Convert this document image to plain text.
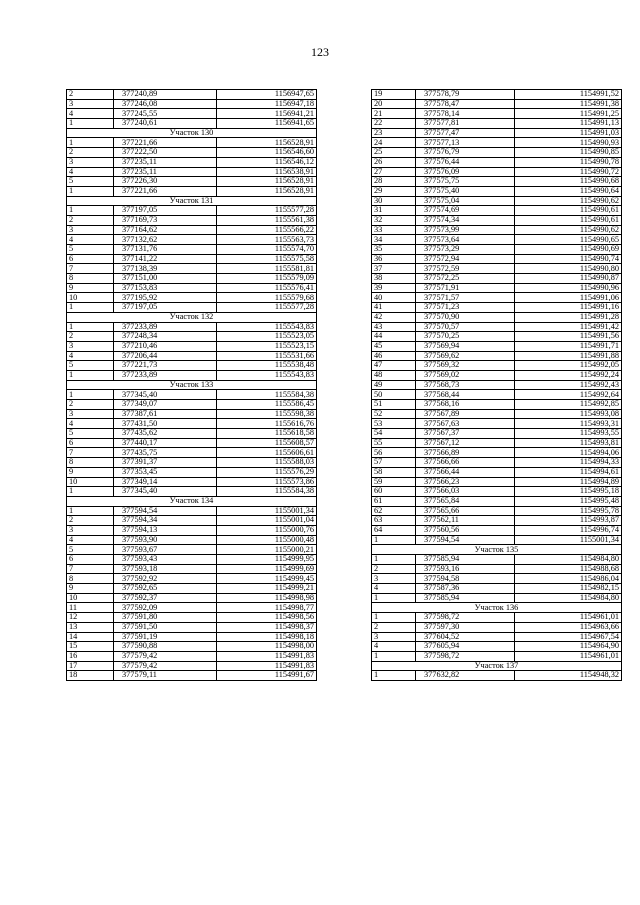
123
2	377240,89	1156947,65
3	377246,08	1156947,18
4	377245,55	1156941,21
1	377240,61	1156941,65
Участок 130		
1	377221,66	1156528,91
2	377222,50	1156546,60
3	377235,11	1156546,12
4	377235,11	1156538,91
5	377226,30	1156528,91
1	377221,66	1156528,91
Участок 131		
1	377197,05	1155577,28
2	377169,73	1155561,38
3	377164,62	1155566,22
4	377132,62	1155563,73
5	377131,76	1155574,70
6	377141,22	1155575,58
7	377138,39	1155581,81
8	377151,00	1155579,09
9	377153,83	1155576,41
10	377195,92	1155579,68
1	377197,05	1155577,28
Участок 132		
1	377233,89	1155543,83
2	377248,34	1155523,05
3	377210,46	1155523,15
4	377206,44	1155531,66
5	377221,73	1155538,48
1	377233,89	1155543,83
Участок 133		
1	377345,40	1155584,38
2	377349,07	1155586,45
3	377387,61	1155598,38
4	377431,50	1155616,76
5	377435,62	1155618,58
6	377440,17	1155608,57
7	377435,75	1155606,61
8	377391,37	1155588,03
9	377353,45	1155576,29
10	377349,14	1155573,86
1	377345,40	1155584,38
Участок 134		
1	377594,54	1155001,34
2	377594,34	1155001,04
3	377594,13	1155000,76
4	377593,90	1155000,48
5	377593,67	1155000,21
6	377593,43	1154999,95
7	377593,18	1154999,69
8	377592,92	1154999,45
9	377592,65	1154999,21
10	377592,37	1154998,98
11	377592,09	1154998,77
12	377591,80	1154998,56
13	377591,50	1154998,37
14	377591,19	1154998,18
15	377590,88	1154998,00
16	377579,42	1154991,83
17	377579,42	1154991,83
18	377579,11	1154991,67
19	377578,79	1154991,52
20	377578,47	1154991,38
21	377578,14	1154991,25
22	377577,81	1154991,13
23	377577,47	1154991,03
24	377577,13	1154990,93
25	377576,79	1154990,85
26	377576,44	1154990,78
27	377576,09	1154990,72
28	377575,75	1154990,68
29	377575,40	1154990,64
30	377575,04	1154990,62
31	377574,69	1154990,61
32	377574,34	1154990,61
33	377573,99	1154990,62
34	377573,64	1154990,65
35	377573,29	1154990,69
36	377572,94	1154990,74
37	377572,59	1154990,80
38	377572,25	1154990,87
39	377571,91	1154990,96
40	377571,57	1154991,06
41	377571,23	1154991,16
42	377570,90	1154991,28
43	377570,57	1154991,42
44	377570,25	1154991,56
45	377569,94	1154991,71
46	377569,62	1154991,88
47	377569,32	1154992,05
48	377569,02	1154992,24
49	377568,73	1154992,43
50	377568,44	1154992,64
51	377568,16	1154992,85
52	377567,89	1154993,08
53	377567,63	1154993,31
54	377567,37	1154993,55
55	377567,12	1154993,81
56	377566,89	1154994,06
57	377566,66	1154994,33
58	377566,44	1154994,61
59	377566,23	1154994,89
60	377566,03	1154995,18
61	377565,84	1154995,48
62	377565,66	1154995,78
63	377562,11	1154993,87
64	377560,56	1154996,74
1	377594,54	1155001,34
Участок 135		
1	377585,94	1154984,80
2	377593,16	1154988,68
3	377594,58	1154986,04
4	377587,36	1154982,15
1	377585,94	1154984,80
Участок 136		
1	377598,72	1154961,01
2	377597,30	1154963,66
3	377604,52	1154967,54
4	377605,94	1154964,90
1	377598,72	1154961,01
Участок 137		
1	377632,82	1154948,32
